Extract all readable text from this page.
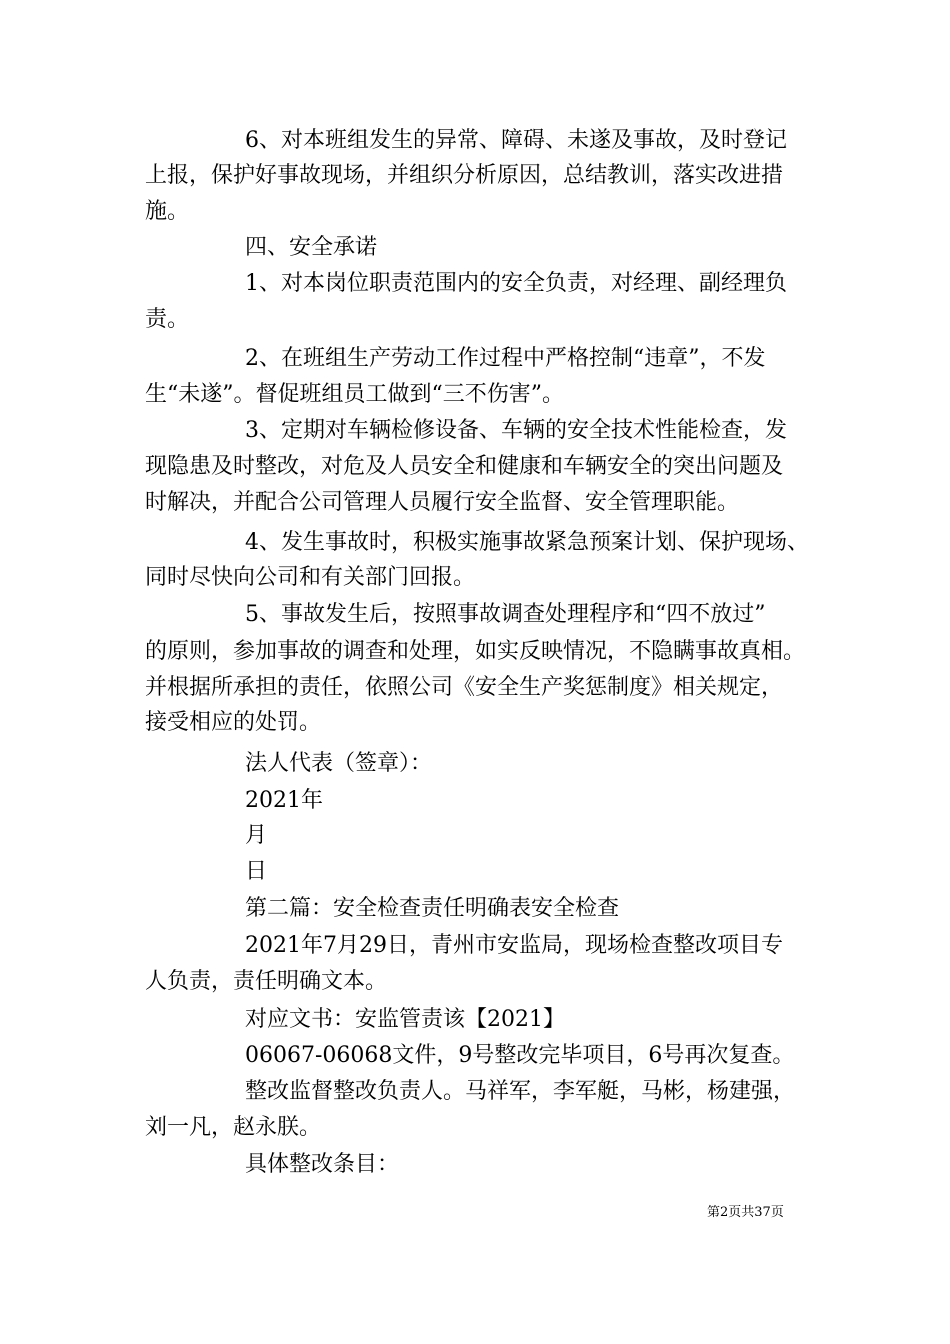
6、对本班组发生的异常、障碍、未遂及事故，及时登记
上报，保护好事故现场，并组织分析原因，总结教训，落实改进措
施。
四、安全承诺
1、对本岗位职责范围内的安全负责，对经理、副经理负
责。
2、在班组生产劳动工作过程中严格控制“违章”，不发
生“未遂”。督促班组员工做到“三不伤害”。
3、定期对车辆检修设备、车辆的安全技术性能检查，发
现隐患及时整改，对危及人员安全和健康和车辆安全的突出问题及
时解决，并配合公司管理人员履行安全监督、安全管理职能。
4、发生事故时，积极实施事故紧急预案计划、保护现场、
同时尽快向公司和有关部门回报。
5、事故发生后，按照事故调查处理程序和“四不放过”
的原则，参加事故的调查和处理，如实反映情况，不隐瞒事故真相。
并根据所承担的责任，依照公司《安全生产奖惩制度》相关规定，
接受相应的处罚。
法人代表（签章）：
2021年
月
日
第二篇：安全检查责任明确表安全检查
2021年7月29日，青州市安监局，现场检查整改项目专
人负责，责任明确文本。
对应文书：安监管责该【2021】
06067-06068文件，9号整改完毕项目，6号再次复查。
整改监督整改负责人。马祥军，李军艇，马彬，杨建强，
刘一凡，赵永朕。
具体整改条目：
第2页共37页
